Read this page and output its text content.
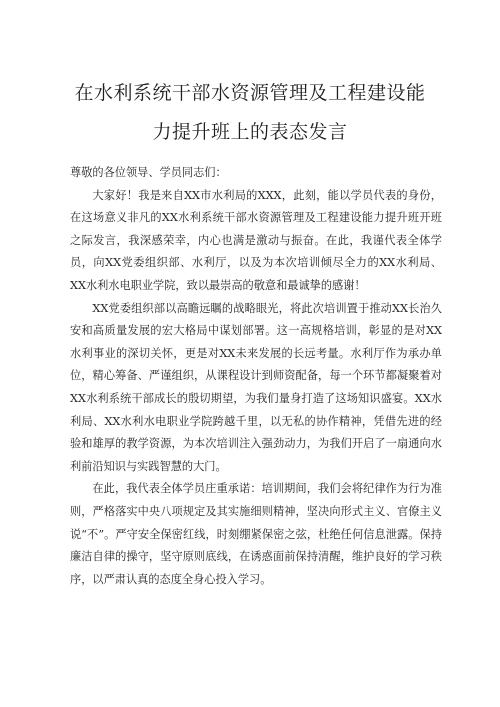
在水利系统干部水资源管理及工程建设能
力提升班上的表态发言

尊敬的各位领导、学员同志们：

大家好！我是来自XX市水利局的XXX，此刻，能以学员代表的身份，在这场意义非凡的XX水利系统干部水资源管理及工程建设能力提升班开班之际发言，我深感荣幸，内心也满是激动与振奋。在此，我谨代表全体学员，向XX党委组织部、水利厅，以及为本次培训倾尽全力的XX水利局、XX水利水电职业学院，致以最崇高的敬意和最诚挚的感谢！

XX党委组织部以高瞻远瞩的战略眼光，将此次培训置于推动XX长治久安和高质量发展的宏大格局中谋划部署。这一高规格培训，彰显的是对XX水利事业的深切关怀，更是对XX未来发展的长远考量。水利厅作为承办单位，精心筹备、严谨组织，从课程设计到师资配备，每一个环节都凝聚着对XX水利系统干部成长的殷切期望，为我们量身打造了这场知识盛宴。XX水利局、XX水利水电职业学院跨越千里，以无私的协作精神，凭借先进的经验和雄厚的教学资源，为本次培训注入强劲动力，为我们开启了一扇通向水利前沿知识与实践智慧的大门。

在此，我代表全体学员庄重承诺：培训期间，我们会将纪律作为行为准则，严格落实中央八项规定及其实施细则精神，坚决向形式主义、官僚主义说“不”。严守安全保密红线，时刻绷紧保密之弦，杜绝任何信息泄露。保持廉洁自律的操守，坚守原则底线，在诱惑面前保持清醒，维护良好的学习秩序，以严肃认真的态度全身心投入学习。
